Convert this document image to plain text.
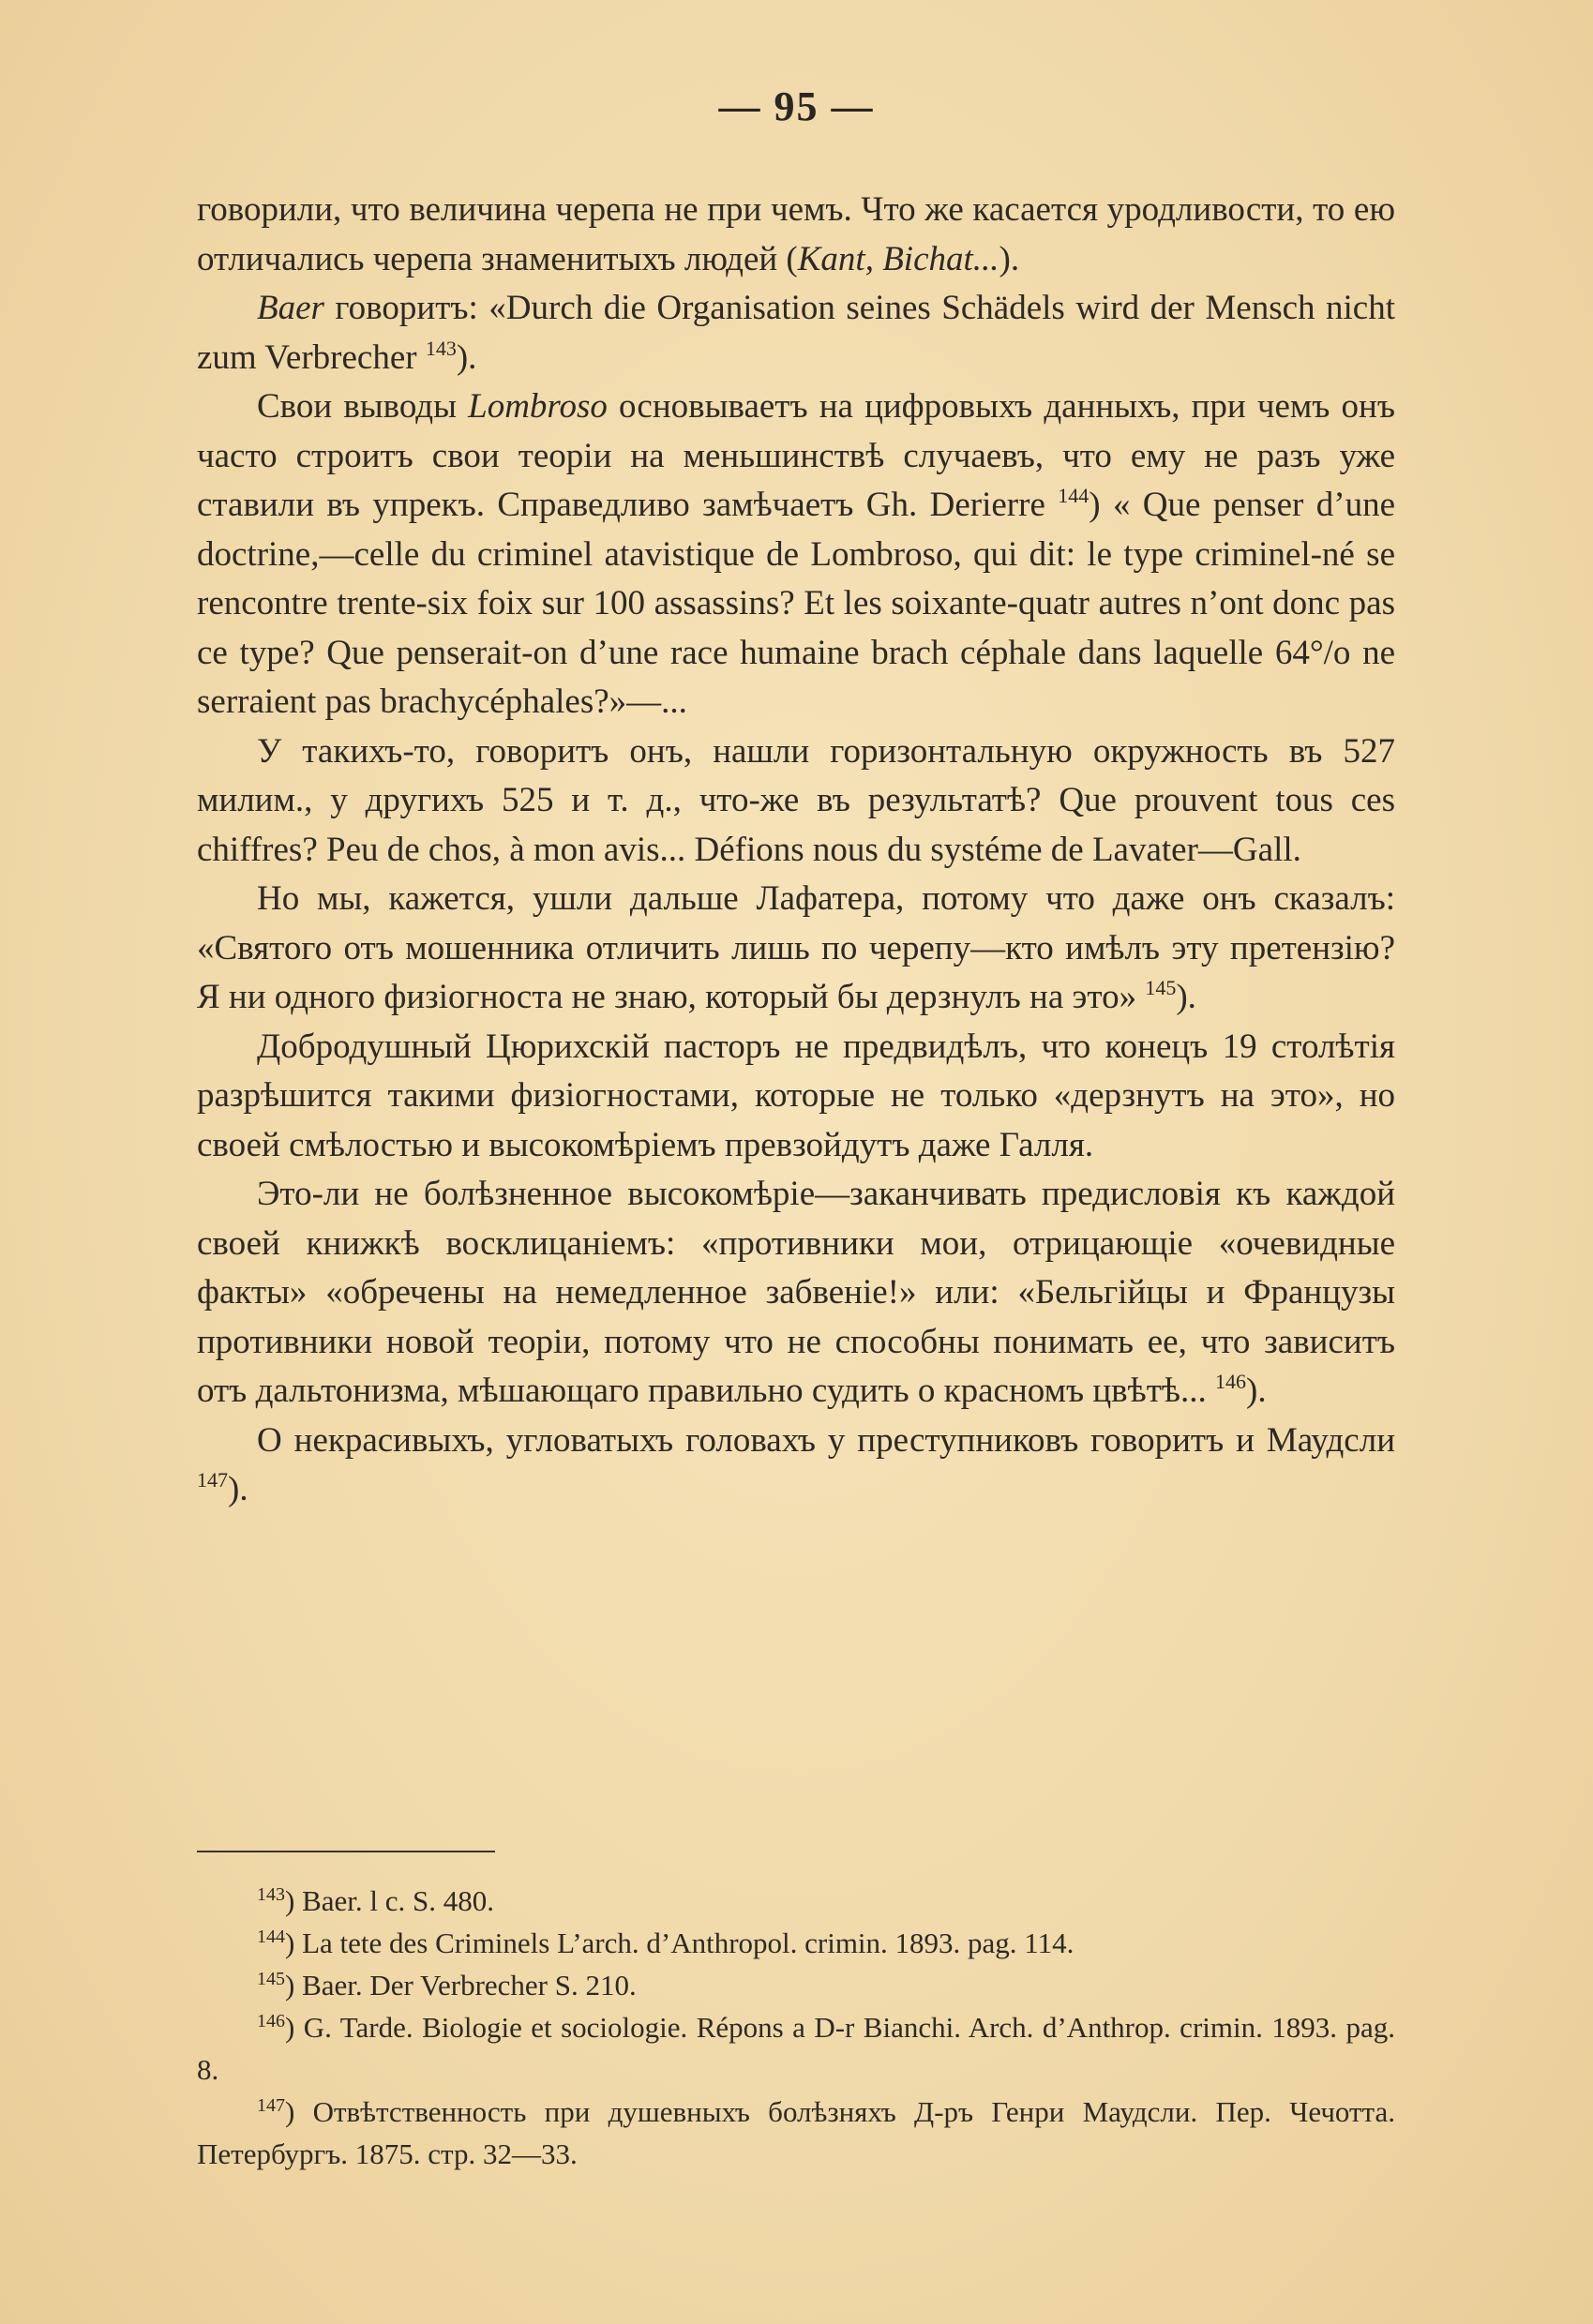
— 95 —

говорили, что величина черепа не при чемъ. Что же касается уродливости, то ею отличались черепа знаменитыхъ людей (Kant, Bichat...).

Baer говоритъ: «Durch die Organisation seines Schädels wird der Mensch nicht zum Verbrecher $^{143}$).

Свои выводы Lombroso основываетъ на цифровыхъ данныхъ, при чемъ онъ часто строитъ свои теоріи на меньшинствѣ случаевъ, что ему не разъ уже ставили въ упрекъ. Справедливо замѣчаетъ Gh. Derierre $^{144}$) « Que penser d’une doctrine,—celle du criminel atavistique de Lombroso, qui dit: le type criminel-né se rencontre trente-six foix sur 100 assassins? Et les soixante-quatr autres n’ont donc pas ce type? Que penserait-on d’une race humaine brach céphale dans laquelle 64°/o ne serraient pas brachycéphales?»—...

У такихъ-то, говоритъ онъ, нашли горизонтальную окружность въ 527 милим., у другихъ 525 и т. д., что-же въ результатѣ? Que prouvent tous ces chiffres? Peu de chos, à mon avis... Défions nous du systéme de Lavater—Gall.

Но мы, кажется, ушли дальше Лафатера, потому что даже онъ сказалъ: «Святого отъ мошенника отличить лишь по черепу—кто имѣлъ эту претензію? Я ни одного физіогноста не знаю, который бы дерзнулъ на это» $^{145}$).

Добродушный Цюрихскій пасторъ не предвидѣлъ, что конецъ 19 столѣтія разрѣшится такими физіогностами, которые не только «дерзнутъ на это», но своей смѣлостью и высокомѣріемъ превзойдутъ даже Галля.

Это-ли не болѣзненное высокомѣріе—заканчивать предисловія къ каждой своей книжкѣ восклицаніемъ: «противники мои, отрицающіе «очевидные факты» «обречены на немедленное забвеніе!» или: «Бельгійцы и Французы противники новой теоріи, потому что не способны понимать ее, что зависитъ отъ дальтонизма, мѣшающаго правильно судить о красномъ цвѣтѣ... $^{146}$).

О некрасивыхъ, угловатыхъ головахъ у преступниковъ говоритъ и Маудсли $^{147}$).

$^{143}$) Baer. l c. S. 480.

$^{144}$) La tete des Criminels L’arch. d’Anthropol. crimin. 1893. pag. 114.

$^{145}$) Baer. Der Verbrecher S. 210.

$^{146}$) G. Tarde. Biologie et sociologie. Répons a D-r Bianchi. Arch. d’Anthrop. crimin. 1893. pag. 8.

$^{147}$) Отвѣтственность при душевныхъ болѣзняхъ Д-ръ Генри Маудсли. Пер. Чечотта. Петербургъ. 1875. стр. 32—33.
